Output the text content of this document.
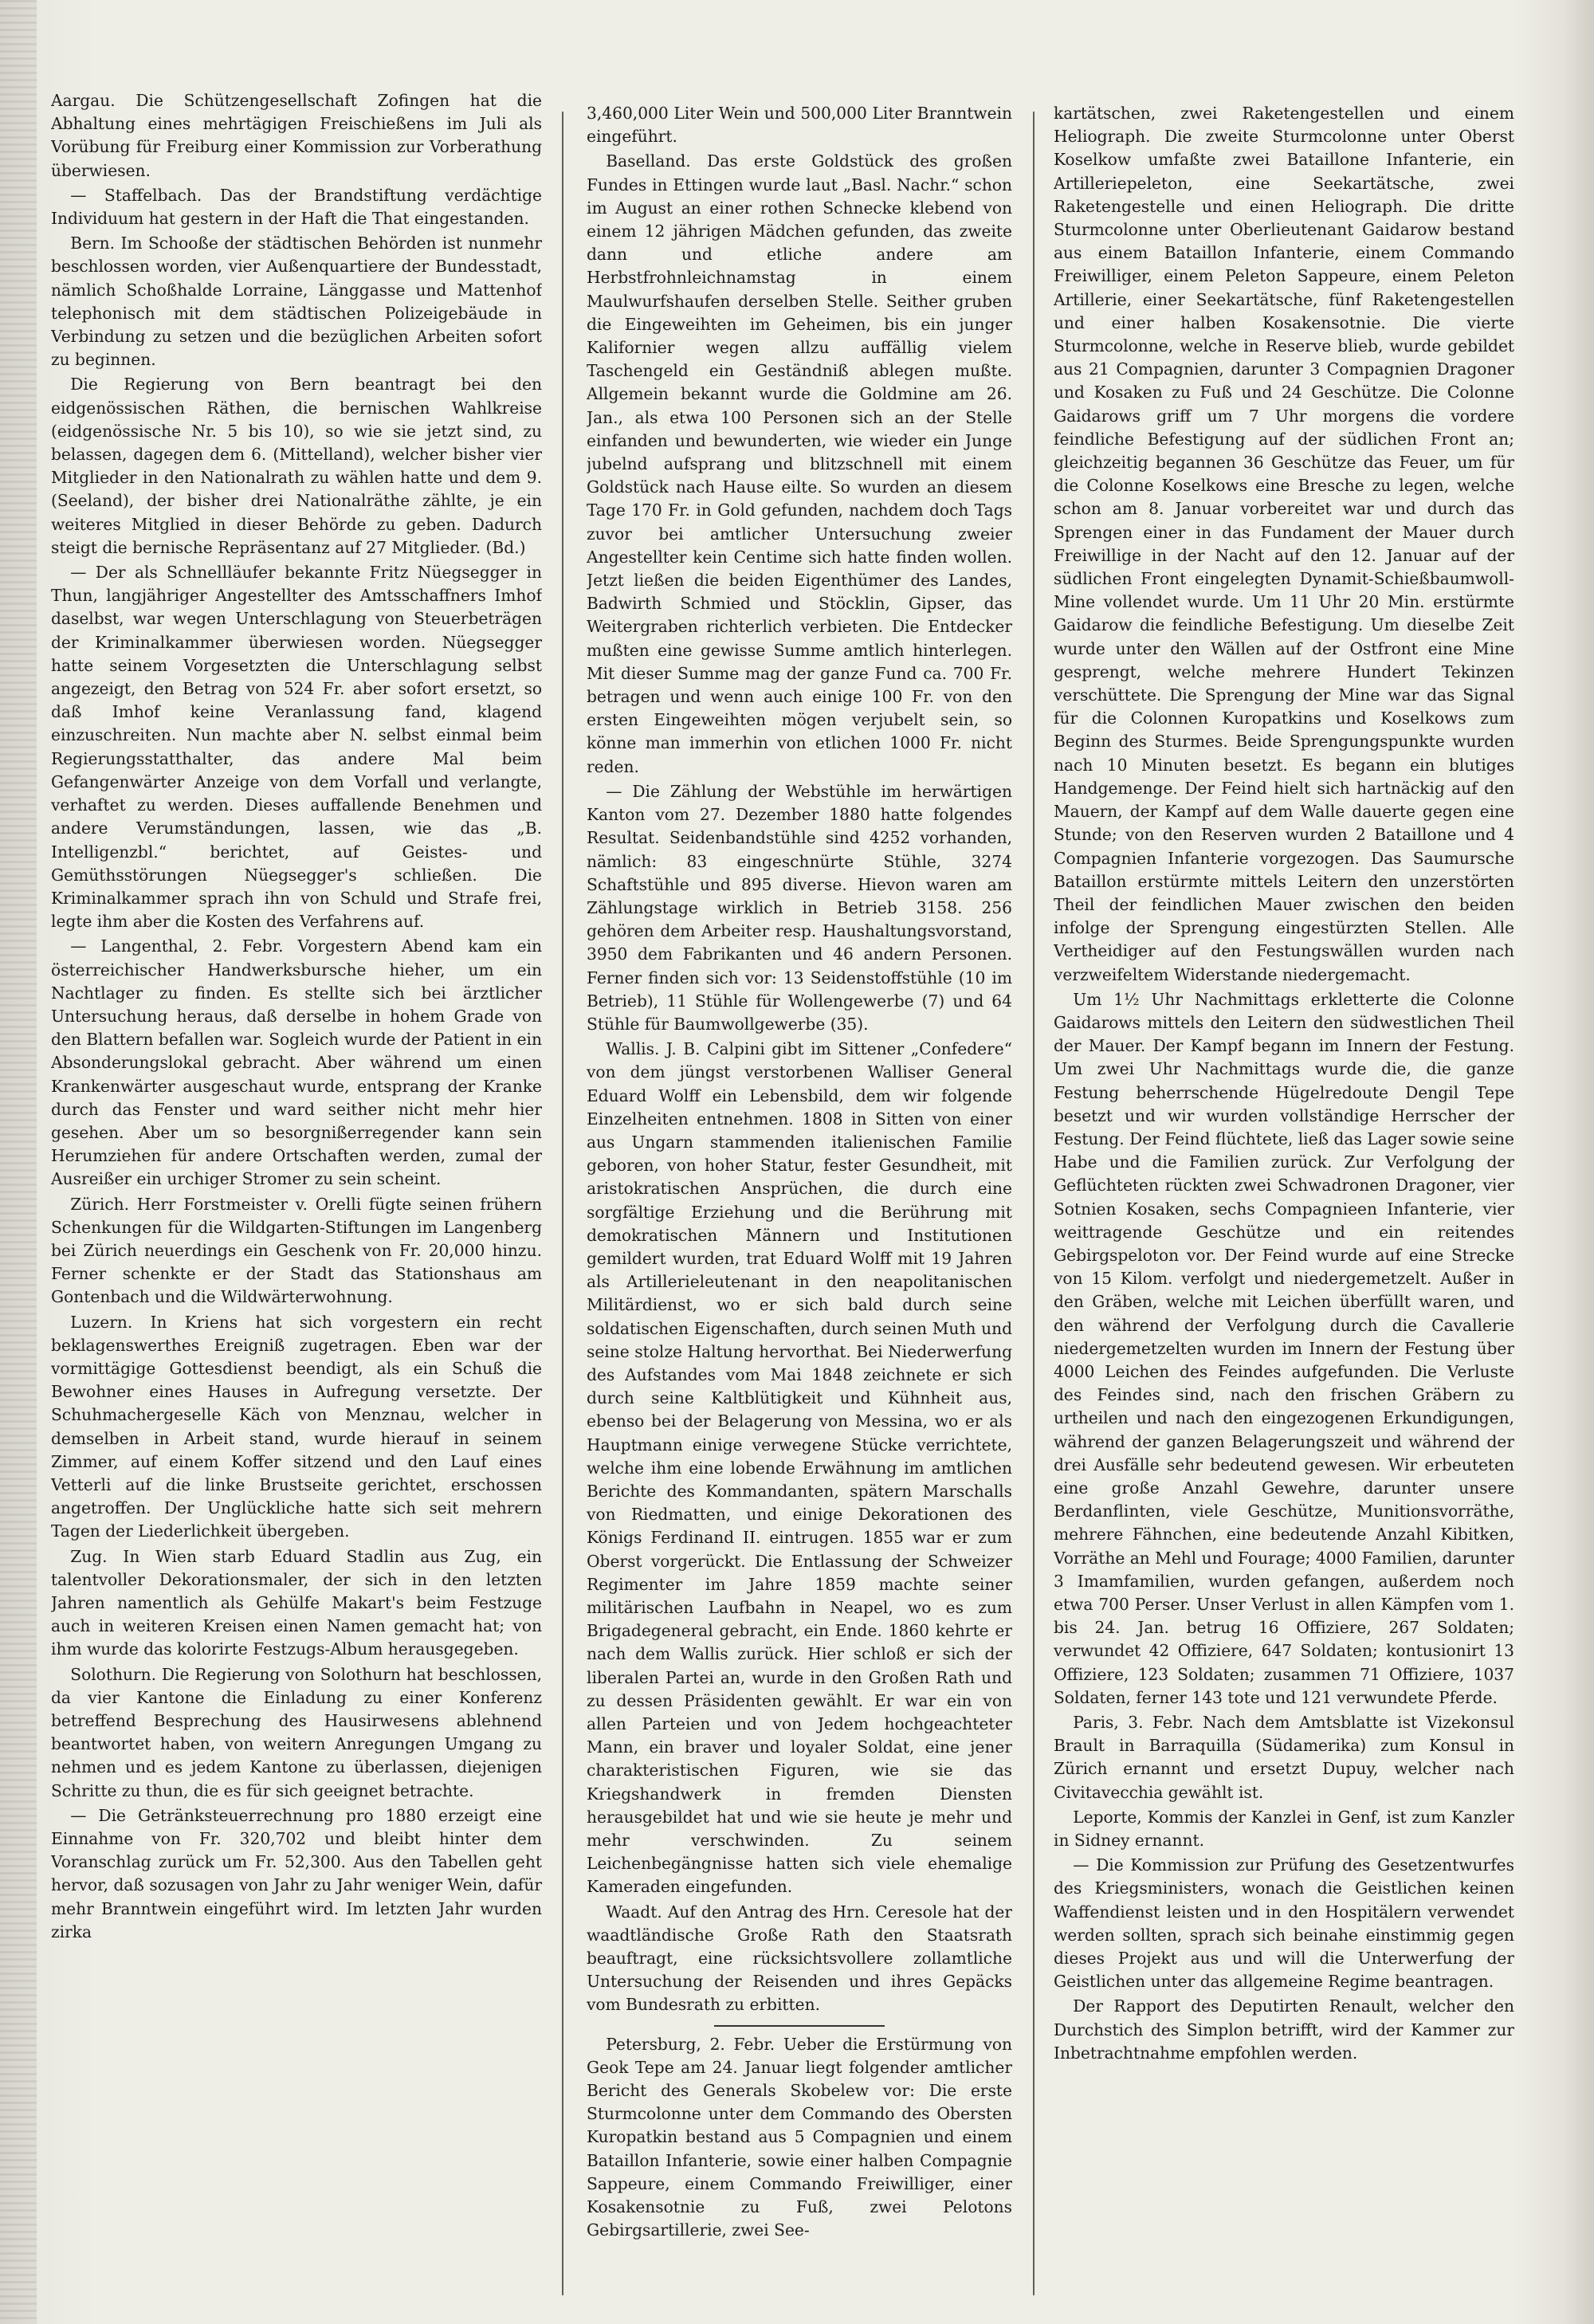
Aargau. Die Schützengesellschaft Zofingen hat die Abhaltung eines mehrtägigen Freischießens im Juli als Vorübung für Freiburg einer Kommission zur Vorberathung überwiesen.

— Staffelbach. Das der Brandstiftung verdächtige Individuum hat gestern in der Haft die That eingestanden.

Bern. Im Schooße der städtischen Behörden ist nunmehr beschlossen worden, vier Außenquartiere der Bundesstadt, nämlich Schoßhalde Lorraine, Länggasse und Mattenhof telephonisch mit dem städtischen Polizeigebäude in Verbindung zu setzen und die bezüglichen Arbeiten sofort zu beginnen.

Die Regierung von Bern beantragt bei den eidgenössischen Räthen, die bernischen Wahlkreise (eidgenössische Nr. 5 bis 10), so wie sie jetzt sind, zu belassen, dagegen dem 6. (Mittelland), welcher bisher vier Mitglieder in den Nationalrath zu wählen hatte und dem 9. (Seeland), der bisher drei Nationalräthe zählte, je ein weiteres Mitglied in dieser Behörde zu geben. Dadurch steigt die bernische Repräsentanz auf 27 Mitglieder. (Bd.)

— Der als Schnellläufer bekannte Fritz Nüegsegger in Thun, langjähriger Angestellter des Amtsschaffners Imhof daselbst, war wegen Unterschlagung von Steuerbeträgen der Kriminalkammer überwiesen worden. Nüegsegger hatte seinem Vorgesetzten die Unterschlagung selbst angezeigt, den Betrag von 524 Fr. aber sofort ersetzt, so daß Imhof keine Veranlassung fand, klagend einzuschreiten. Nun machte aber N. selbst einmal beim Regierungsstatthalter, das andere Mal beim Gefangenwärter Anzeige von dem Vorfall und verlangte, verhaftet zu werden. Dieses auffallende Benehmen und andere Verumständungen, lassen, wie das „B. Intelligenzbl.“ berichtet, auf Geistes- und Gemüthsstörungen Nüegsegger's schließen. Die Kriminalkammer sprach ihn von Schuld und Strafe frei, legte ihm aber die Kosten des Verfahrens auf.

— Langenthal, 2. Febr. Vorgestern Abend kam ein österreichischer Handwerksbursche hieher, um ein Nachtlager zu finden. Es stellte sich bei ärztlicher Untersuchung heraus, daß derselbe in hohem Grade von den Blattern befallen war. Sogleich wurde der Patient in ein Absonderungslokal gebracht. Aber während um einen Krankenwärter ausgeschaut wurde, entsprang der Kranke durch das Fenster und ward seither nicht mehr hier gesehen. Aber um so besorgnißerregender kann sein Herumziehen für andere Ortschaften werden, zumal der Ausreißer ein urchiger Stromer zu sein scheint.

Zürich. Herr Forstmeister v. Orelli fügte seinen frühern Schenkungen für die Wildgarten-Stiftungen im Langenberg bei Zürich neuerdings ein Geschenk von Fr. 20,000 hinzu. Ferner schenkte er der Stadt das Stationshaus am Gontenbach und die Wildwärterwohnung.

Luzern. In Kriens hat sich vorgestern ein recht beklagenswerthes Ereigniß zugetragen. Eben war der vormittägige Gottesdienst beendigt, als ein Schuß die Bewohner eines Hauses in Aufregung versetzte. Der Schuhmachergeselle Käch von Menznau, welcher in demselben in Arbeit stand, wurde hierauf in seinem Zimmer, auf einem Koffer sitzend und den Lauf eines Vetterli auf die linke Brustseite gerichtet, erschossen angetroffen. Der Unglückliche hatte sich seit mehrern Tagen der Liederlichkeit übergeben.

Zug. In Wien starb Eduard Stadlin aus Zug, ein talentvoller Dekorationsmaler, der sich in den letzten Jahren namentlich als Gehülfe Makart's beim Festzuge auch in weiteren Kreisen einen Namen gemacht hat; von ihm wurde das kolorirte Festzugs-Album herausgegeben.

Solothurn. Die Regierung von Solothurn hat beschlossen, da vier Kantone die Einladung zu einer Konferenz betreffend Besprechung des Hausirwesens ablehnend beantwortet haben, von weitern Anregungen Umgang zu nehmen und es jedem Kantone zu überlassen, diejenigen Schritte zu thun, die es für sich geeignet betrachte.

— Die Getränksteuerrechnung pro 1880 erzeigt eine Einnahme von Fr. 320,702 und bleibt hinter dem Voranschlag zurück um Fr. 52,300. Aus den Tabellen geht hervor, daß sozusagen von Jahr zu Jahr weniger Wein, dafür mehr Branntwein eingeführt wird. Im letzten Jahr wurden zirka

3,460,000 Liter Wein und 500,000 Liter Branntwein eingeführt.

Baselland. Das erste Goldstück des großen Fundes in Ettingen wurde laut „Basl. Nachr.“ schon im August an einer rothen Schnecke klebend von einem 12 jährigen Mädchen gefunden, das zweite dann und etliche andere am Herbstfrohnleichnamstag in einem Maulwurfshaufen derselben Stelle. Seither gruben die Eingeweihten im Geheimen, bis ein junger Kalifornier wegen allzu auffällig vielem Taschengeld ein Geständniß ablegen mußte. Allgemein bekannt wurde die Goldmine am 26. Jan., als etwa 100 Personen sich an der Stelle einfanden und bewunderten, wie wieder ein Junge jubelnd aufsprang und blitzschnell mit einem Goldstück nach Hause eilte. So wurden an diesem Tage 170 Fr. in Gold gefunden, nachdem doch Tags zuvor bei amtlicher Untersuchung zweier Angestellter kein Centime sich hatte finden wollen. Jetzt ließen die beiden Eigenthümer des Landes, Badwirth Schmied und Stöcklin, Gipser, das Weitergraben richterlich verbieten. Die Entdecker mußten eine gewisse Summe amtlich hinterlegen. Mit dieser Summe mag der ganze Fund ca. 700 Fr. betragen und wenn auch einige 100 Fr. von den ersten Eingeweihten mögen verjubelt sein, so könne man immerhin von etlichen 1000 Fr. nicht reden.

— Die Zählung der Webstühle im herwärtigen Kanton vom 27. Dezember 1880 hatte folgendes Resultat. Seidenbandstühle sind 4252 vorhanden, nämlich: 83 eingeschnürte Stühle, 3274 Schaftstühle und 895 diverse. Hievon waren am Zählungstage wirklich in Betrieb 3158. 256 gehören dem Arbeiter resp. Haushaltungsvorstand, 3950 dem Fabrikanten und 46 andern Personen. Ferner finden sich vor: 13 Seidenstoffstühle (10 im Betrieb), 11 Stühle für Wollengewerbe (7) und 64 Stühle für Baumwollgewerbe (35).

Wallis. J. B. Calpini gibt im Sittener „Confedere“ von dem jüngst verstorbenen Walliser General Eduard Wolff ein Lebensbild, dem wir folgende Einzelheiten entnehmen. 1808 in Sitten von einer aus Ungarn stammenden italienischen Familie geboren, von hoher Statur, fester Gesundheit, mit aristokratischen Ansprüchen, die durch eine sorgfältige Erziehung und die Berührung mit demokratischen Männern und Institutionen gemildert wurden, trat Eduard Wolff mit 19 Jahren als Artillerieleutenant in den neapolitanischen Militärdienst, wo er sich bald durch seine soldatischen Eigenschaften, durch seinen Muth und seine stolze Haltung hervorthat. Bei Niederwerfung des Aufstandes vom Mai 1848 zeichnete er sich durch seine Kaltblütigkeit und Kühnheit aus, ebenso bei der Belagerung von Messina, wo er als Hauptmann einige verwegene Stücke verrichtete, welche ihm eine lobende Erwähnung im amtlichen Berichte des Kommandanten, spätern Marschalls von Riedmatten, und einige Dekorationen des Königs Ferdinand II. eintrugen. 1855 war er zum Oberst vorgerückt. Die Entlassung der Schweizer Regimenter im Jahre 1859 machte seiner militärischen Laufbahn in Neapel, wo es zum Brigadegeneral gebracht, ein Ende. 1860 kehrte er nach dem Wallis zurück. Hier schloß er sich der liberalen Partei an, wurde in den Großen Rath und zu dessen Präsidenten gewählt. Er war ein von allen Parteien und von Jedem hochgeachteter Mann, ein braver und loyaler Soldat, eine jener charakteristischen Figuren, wie sie das Kriegshandwerk in fremden Diensten herausgebildet hat und wie sie heute je mehr und mehr verschwinden. Zu seinem Leichenbegängnisse hatten sich viele ehemalige Kameraden eingefunden.

Waadt. Auf den Antrag des Hrn. Ceresole hat der waadtländische Große Rath den Staatsrath beauftragt, eine rücksichtsvollere zollamtliche Untersuchung der Reisenden und ihres Gepäcks vom Bundesrath zu erbitten.

Petersburg, 2. Febr. Ueber die Erstürmung von Geok Tepe am 24. Januar liegt folgender amtlicher Bericht des Generals Skobelew vor: Die erste Sturmcolonne unter dem Commando des Obersten Kuropatkin bestand aus 5 Compagnien und einem Bataillon Infanterie, sowie einer halben Compagnie Sappeure, einem Commando Freiwilliger, einer Kosakensotnie zu Fuß, zwei Pelotons Gebirgsartillerie, zwei See-

kartätschen, zwei Raketengestellen und einem Heliograph. Die zweite Sturmcolonne unter Oberst Koselkow umfaßte zwei Bataillone Infanterie, ein Artilleriepeleton, eine Seekartätsche, zwei Raketengestelle und einen Heliograph. Die dritte Sturmcolonne unter Oberlieutenant Gaidarow bestand aus einem Bataillon Infanterie, einem Commando Freiwilliger, einem Peleton Sappeure, einem Peleton Artillerie, einer Seekartätsche, fünf Raketengestellen und einer halben Kosakensotnie. Die vierte Sturmcolonne, welche in Reserve blieb, wurde gebildet aus 21 Compagnien, darunter 3 Compagnien Dragoner und Kosaken zu Fuß und 24 Geschütze. Die Colonne Gaidarows griff um 7 Uhr morgens die vordere feindliche Befestigung auf der südlichen Front an; gleichzeitig begannen 36 Geschütze das Feuer, um für die Colonne Koselkows eine Bresche zu legen, welche schon am 8. Januar vorbereitet war und durch das Sprengen einer in das Fundament der Mauer durch Freiwillige in der Nacht auf den 12. Januar auf der südlichen Front eingelegten Dynamit-Schießbaumwoll-Mine vollendet wurde. Um 11 Uhr 20 Min. erstürmte Gaidarow die feindliche Befestigung. Um dieselbe Zeit wurde unter den Wällen auf der Ostfront eine Mine gesprengt, welche mehrere Hundert Tekinzen verschüttete. Die Sprengung der Mine war das Signal für die Colonnen Kuropatkins und Koselkows zum Beginn des Sturmes. Beide Sprengungspunkte wurden nach 10 Minuten besetzt. Es begann ein blutiges Handgemenge. Der Feind hielt sich hartnäckig auf den Mauern, der Kampf auf dem Walle dauerte gegen eine Stunde; von den Reserven wurden 2 Bataillone und 4 Compagnien Infanterie vorgezogen. Das Saumursche Bataillon erstürmte mittels Leitern den unzerstörten Theil der feindlichen Mauer zwischen den beiden infolge der Sprengung eingestürzten Stellen. Alle Vertheidiger auf den Festungswällen wurden nach verzweifeltem Widerstande niedergemacht.

Um 1½ Uhr Nachmittags erkletterte die Colonne Gaidarows mittels den Leitern den südwestlichen Theil der Mauer. Der Kampf begann im Innern der Festung. Um zwei Uhr Nachmittags wurde die, die ganze Festung beherrschende Hügelredoute Dengil Tepe besetzt und wir wurden vollständige Herrscher der Festung. Der Feind flüchtete, ließ das Lager sowie seine Habe und die Familien zurück. Zur Verfolgung der Geflüchteten rückten zwei Schwadronen Dragoner, vier Sotnien Kosaken, sechs Compagnieen Infanterie, vier weittragende Geschütze und ein reitendes Gebirgspeloton vor. Der Feind wurde auf eine Strecke von 15 Kilom. verfolgt und niedergemetzelt. Außer in den Gräben, welche mit Leichen überfüllt waren, und den während der Verfolgung durch die Cavallerie niedergemetzelten wurden im Innern der Festung über 4000 Leichen des Feindes aufgefunden. Die Verluste des Feindes sind, nach den frischen Gräbern zu urtheilen und nach den eingezogenen Erkundigungen, während der ganzen Belagerungszeit und während der drei Ausfälle sehr bedeutend gewesen. Wir erbeuteten eine große Anzahl Gewehre, darunter unsere Berdanflinten, viele Geschütze, Munitionsvorräthe, mehrere Fähnchen, eine bedeutende Anzahl Kibitken, Vorräthe an Mehl und Fourage; 4000 Familien, darunter 3 Imamfamilien, wurden gefangen, außerdem noch etwa 700 Perser. Unser Verlust in allen Kämpfen vom 1. bis 24. Jan. betrug 16 Offiziere, 267 Soldaten; verwundet 42 Offiziere, 647 Soldaten; kontusionirt 13 Offiziere, 123 Soldaten; zusammen 71 Offiziere, 1037 Soldaten, ferner 143 tote und 121 verwundete Pferde.

Paris, 3. Febr. Nach dem Amtsblatte ist Vizekonsul Brault in Barraquilla (Südamerika) zum Konsul in Zürich ernannt und ersetzt Dupuy, welcher nach Civitavecchia gewählt ist.

Leporte, Kommis der Kanzlei in Genf, ist zum Kanzler in Sidney ernannt.

— Die Kommission zur Prüfung des Gesetzentwurfes des Kriegsministers, wonach die Geistlichen keinen Waffendienst leisten und in den Hospitälern verwendet werden sollten, sprach sich beinahe einstimmig gegen dieses Projekt aus und will die Unterwerfung der Geistlichen unter das allgemeine Regime beantragen.

Der Rapport des Deputirten Renault, welcher den Durchstich des Simplon betrifft, wird der Kammer zur Inbetrachtnahme empfohlen werden.
